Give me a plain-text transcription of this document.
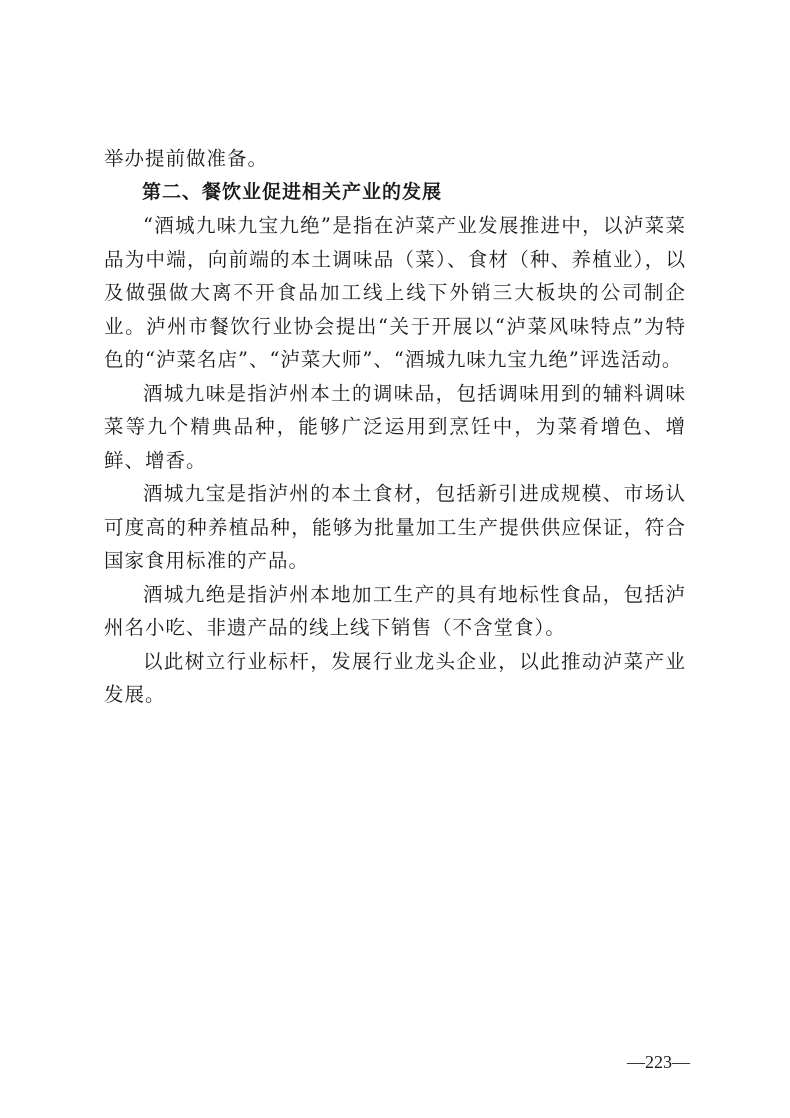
举办提前做准备。

第二、餐饮业促进相关产业的发展

“酒城九味九宝九绝”是指在泸菜产业发展推进中，以泸菜菜品为中端，向前端的本土调味品（菜）、食材（种、养植业），以及做强做大离不开食品加工线上线下外销三大板块的公司制企业。泸州市餐饮行业协会提出“关于开展以“泸菜风味特点”为特色的“泸菜名店”、“泸菜大师”、“酒城九味九宝九绝”评选活动。

酒城九味是指泸州本土的调味品，包括调味用到的辅料调味菜等九个精典品种，能够广泛运用到烹饪中，为菜肴增色、增鲜、增香。

酒城九宝是指泸州的本土食材，包括新引进成规模、市场认可度高的种养植品种，能够为批量加工生产提供供应保证，符合国家食用标准的产品。

酒城九绝是指泸州本地加工生产的具有地标性食品，包括泸州名小吃、非遗产品的线上线下销售（不含堂食）。

以此树立行业标杆，发展行业龙头企业，以此推动泸菜产业发展。

—223—
